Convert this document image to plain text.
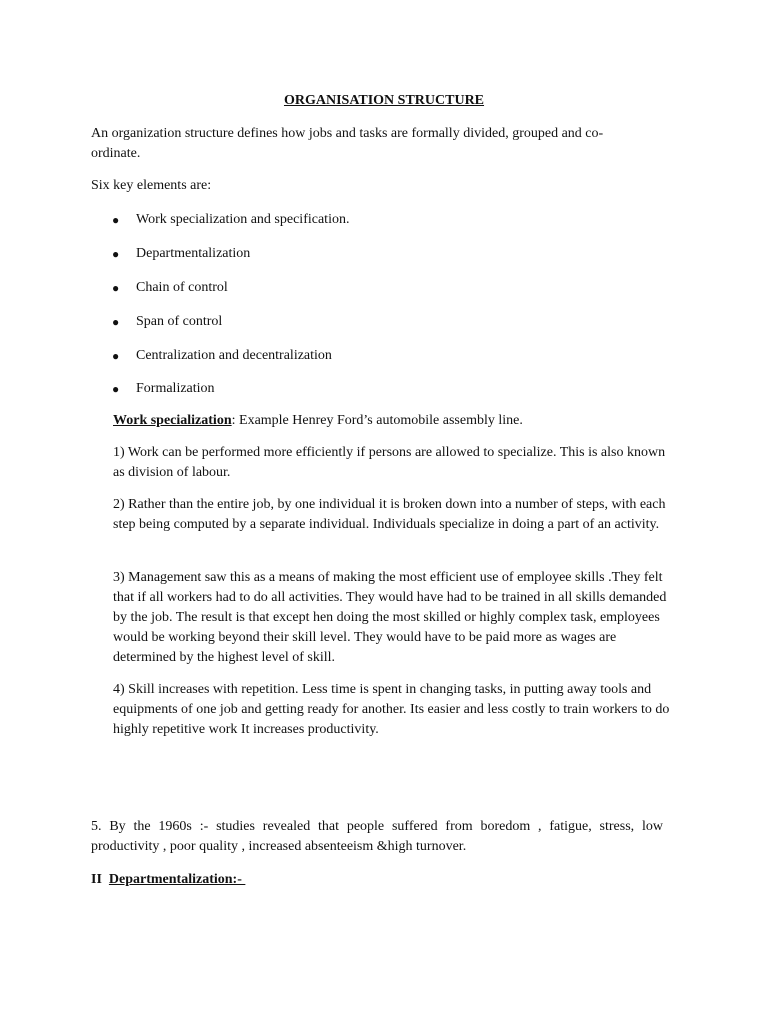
ORGANISATION STRUCTURE

An organization structure defines how jobs and tasks are formally divided, grouped and co-ordinate.

Six key elements are:

● Work specialization and specification.
● Departmentalization
● Chain of control
● Span of control
● Centralization and decentralization
● Formalization

Work specialization: Example Henrey Ford’s automobile assembly line.

1) Work can be performed more efficiently if persons are allowed to specialize. This is also known as division of labour.

2) Rather than the entire job, by one individual it is broken down into a number of steps, with each step being computed by a separate individual. Individuals specialize in doing a part of an activity.

3) Management saw this as a means of making the most efficient use of employee skills .They felt that if all workers had to do all activities. They would have had to be trained in all skills demanded by the job. The result is that except hen doing the most skilled or highly complex task, employees would be working beyond their skill level. They would have to be paid more as wages are determined by the highest level of skill.

4) Skill increases with repetition. Less time is spent in changing tasks, in putting away tools and equipments of one job and getting ready for another. Its easier and less costly to train workers to do highly repetitive work It increases productivity.

5. By the 1960s :- studies revealed that people suffered from boredom , fatigue, stress, low productivity , poor quality , increased absenteeism &high turnover.

II  Departmentalization:-
